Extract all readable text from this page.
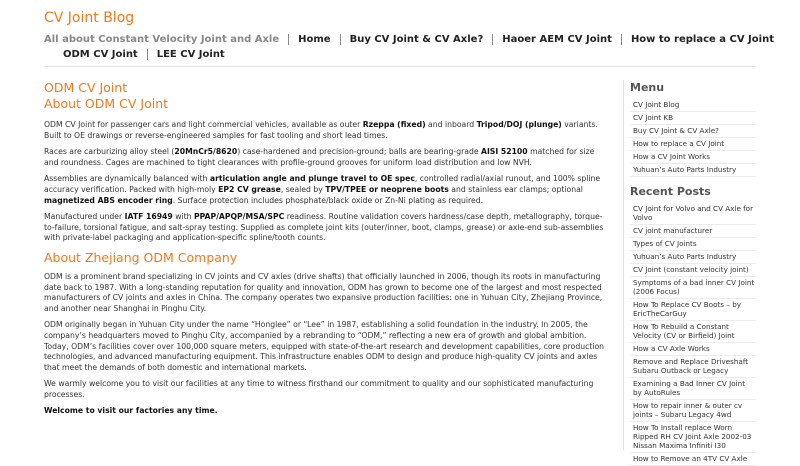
CV Joint Blog
All about Constant Velocity Joint and Axle Home Buy CV Joint & CV Axle? Haoer AEM CV Joint How to replace a CV Joint
ODM CV Joint LEE CV Joint
ODM CV Joint
About ODM CV Joint

ODM CV Joint for passenger cars and light commercial vehicles, available as outer Rzeppa (fixed) and inboard Tripod/DOJ (plunge) variants. Built to OE drawings or reverse-engineered samples for fast tooling and short lead times.

Races are carburizing alloy steel (20MnCr5/8620) case-hardened and precision-ground; balls are bearing-grade AISI 52100 matched for size and roundness. Cages are machined to tight clearances with profile-ground grooves for uniform load distribution and low NVH.

Assemblies are dynamically balanced with articulation angle and plunge travel to OE spec, controlled radial/axial runout, and 100% spline accuracy verification. Packed with high-moly EP2 CV grease, sealed by TPV/TPEE or neoprene boots and stainless ear clamps; optional magnetized ABS encoder ring. Surface protection includes phosphate/black oxide or Zn-Ni plating as required.

Manufactured under IATF 16949 with PPAP/APQP/MSA/SPC readiness. Routine validation covers hardness/case depth, metallography, torque-to-failure, torsional fatigue, and salt-spray testing. Supplied as complete joint kits (outer/inner, boot, clamps, grease) or axle-end sub-assemblies with private-label packaging and application-specific spline/tooth counts.

About Zhejiang ODM Company

ODM is a prominent brand specializing in CV joints and CV axles (drive shafts) that officially launched in 2006, though its roots in manufacturing date back to 1987. With a long-standing reputation for quality and innovation, ODM has grown to become one of the largest and most respected manufacturers of CV joints and axles in China. The company operates two expansive production facilities: one in Yuhuan City, Zhejiang Province, and another near Shanghai in Pinghu City.

ODM originally began in Yuhuan City under the name “Honglee” or “Lee” in 1987, establishing a solid foundation in the industry. In 2005, the company’s headquarters moved to Pinghu City, accompanied by a rebranding to “ODM,” reflecting a new era of growth and global ambition. Today, ODM’s facilities cover over 100,000 square meters, equipped with state-of-the-art research and development capabilities, core production technologies, and advanced manufacturing equipment. This infrastructure enables ODM to design and produce high-quality CV joints and axles that meet the demands of both domestic and international markets.

We warmly welcome you to visit our facilities at any time to witness firsthand our commitment to quality and our sophisticated manufacturing processes.

Welcome to visit our factories any time.

Menu
CV Joint Blog
CV Joint KB
Buy CV Joint & CV Axle?
How to replace a CV Joint
How a CV Joint Works
Yuhuan’s Auto Parts Industry
Recent Posts
CV Joint for Volvo and CV Axle for Volvo
CV joint manufacturer
Types of CV Joints
Yuhuan’s Auto Parts Industry
CV Joint (constant velocity joint)
Symptoms of a bad inner CV Joint (2006 Focus)
How To Replace CV Boots – by EricTheCarGuy
How To Rebuild a Constant Velocity (CV or Birfield) Joint
How a CV Axle Works
Remove and Replace Driveshaft Subaru Outback or Legacy
Examining a Bad Inner CV Joint by AutoRules
How to repair inner & outer cv joints – Subaru Legacy 4wd
How To Install replace Worn Ripped RH CV Joint Axle 2002-03 Nissan Maxima Infiniti I30
How to Remove an 4TV CV Axle
